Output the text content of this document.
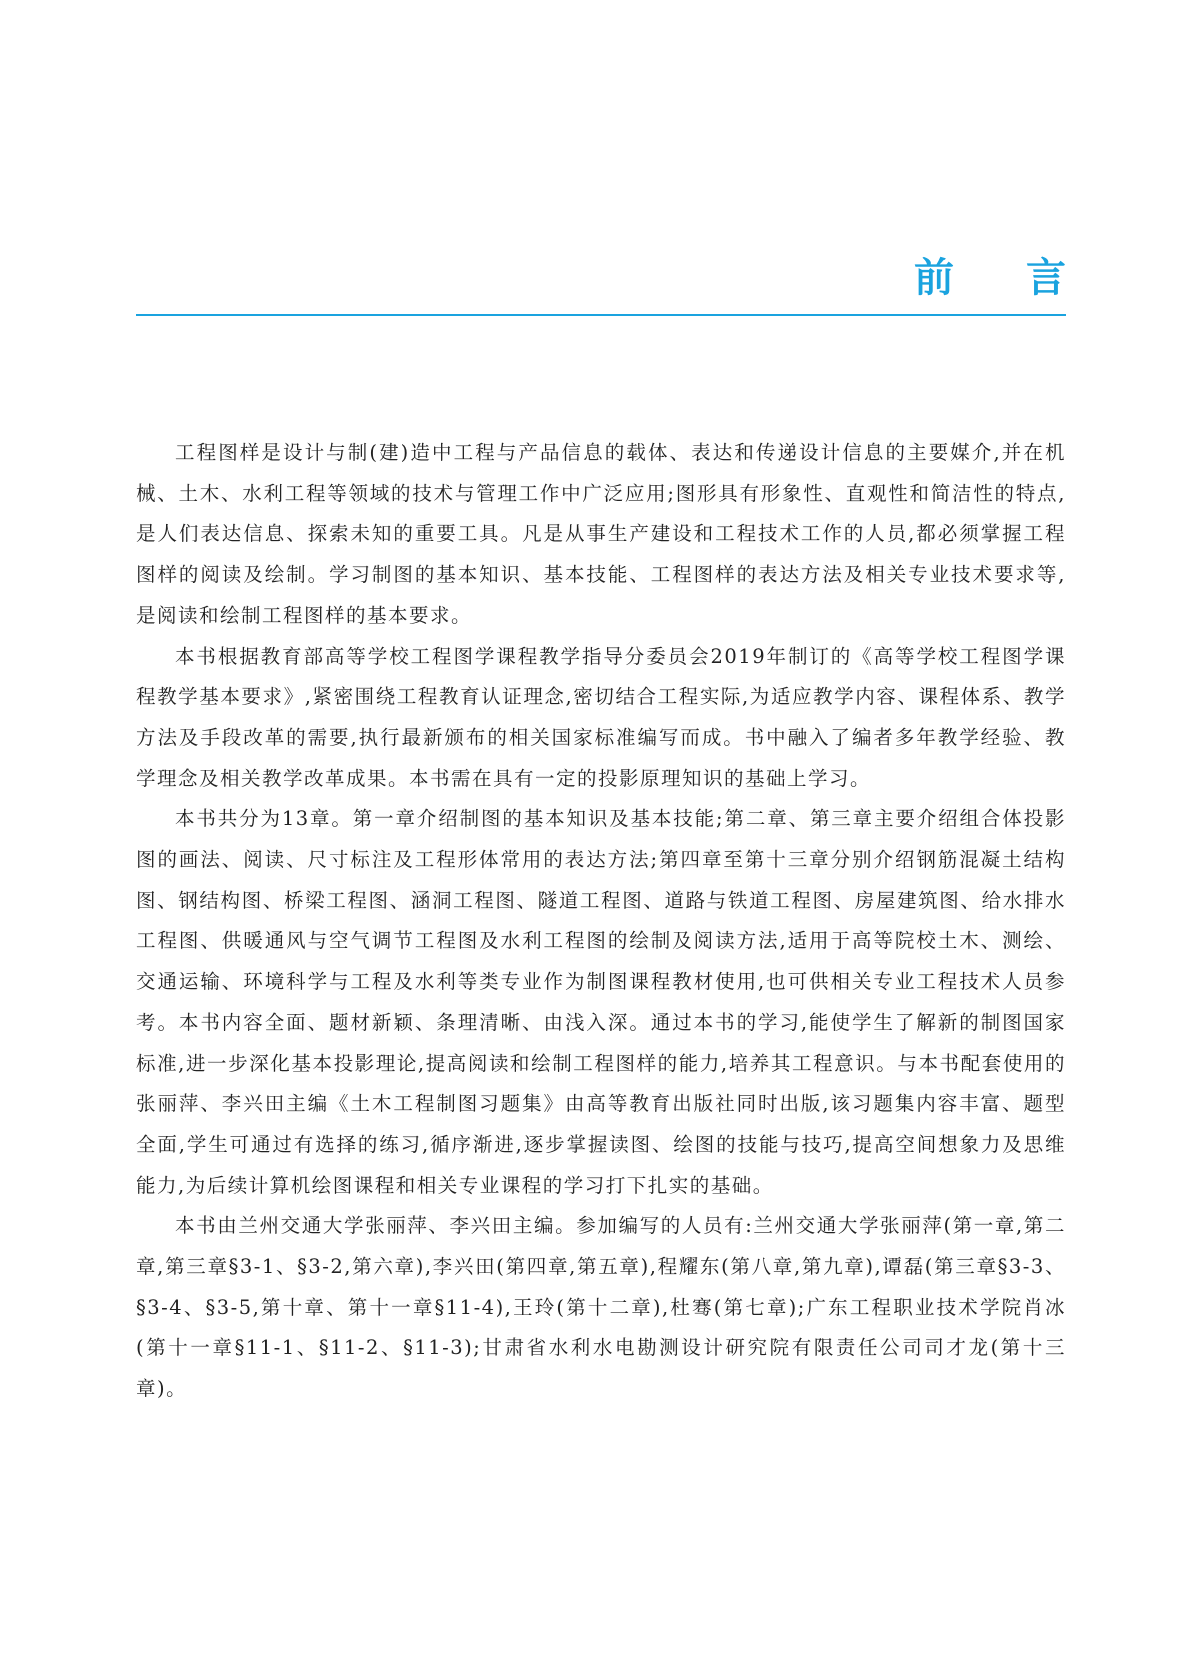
前言

工程图样是设计与制(建)造中工程与产品信息的载体、表达和传递设计信息的主要媒介,并在机械、土木、水利工程等领域的技术与管理工作中广泛应用;图形具有形象性、直观性和简洁性的特点,是人们表达信息、探索未知的重要工具。凡是从事生产建设和工程技术工作的人员,都必须掌握工程图样的阅读及绘制。学习制图的基本知识、基本技能、工程图样的表达方法及相关专业技术要求等,是阅读和绘制工程图样的基本要求。

本书根据教育部高等学校工程图学课程教学指导分委员会2019年制订的《高等学校工程图学课程教学基本要求》,紧密围绕工程教育认证理念,密切结合工程实际,为适应教学内容、课程体系、教学方法及手段改革的需要,执行最新颁布的相关国家标准编写而成。书中融入了编者多年教学经验、教学理念及相关教学改革成果。本书需在具有一定的投影原理知识的基础上学习。

本书共分为13章。第一章介绍制图的基本知识及基本技能;第二章、第三章主要介绍组合体投影图的画法、阅读、尺寸标注及工程形体常用的表达方法;第四章至第十三章分别介绍钢筋混凝土结构图、钢结构图、桥梁工程图、涵洞工程图、隧道工程图、道路与铁道工程图、房屋建筑图、给水排水工程图、供暖通风与空气调节工程图及水利工程图的绘制及阅读方法,适用于高等院校土木、测绘、交通运输、环境科学与工程及水利等类专业作为制图课程教材使用,也可供相关专业工程技术人员参考。本书内容全面、题材新颖、条理清晰、由浅入深。通过本书的学习,能使学生了解新的制图国家标准,进一步深化基本投影理论,提高阅读和绘制工程图样的能力,培养其工程意识。与本书配套使用的张丽萍、李兴田主编《土木工程制图习题集》由高等教育出版社同时出版,该习题集内容丰富、题型全面,学生可通过有选择的练习,循序渐进,逐步掌握读图、绘图的技能与技巧,提高空间想象力及思维能力,为后续计算机绘图课程和相关专业课程的学习打下扎实的基础。

本书由兰州交通大学张丽萍、李兴田主编。参加编写的人员有:兰州交通大学张丽萍(第一章,第二章,第三章§3-1、§3-2,第六章),李兴田(第四章,第五章),程耀东(第八章,第九章),谭磊(第三章§3-3、§3-4、§3-5,第十章、第十一章§11-4),王玲(第十二章),杜骞(第七章);广东工程职业技术学院肖冰(第十一章§11-1、§11-2、§11-3);甘肃省水利水电勘测设计研究院有限责任公司司才龙(第十三章)。
